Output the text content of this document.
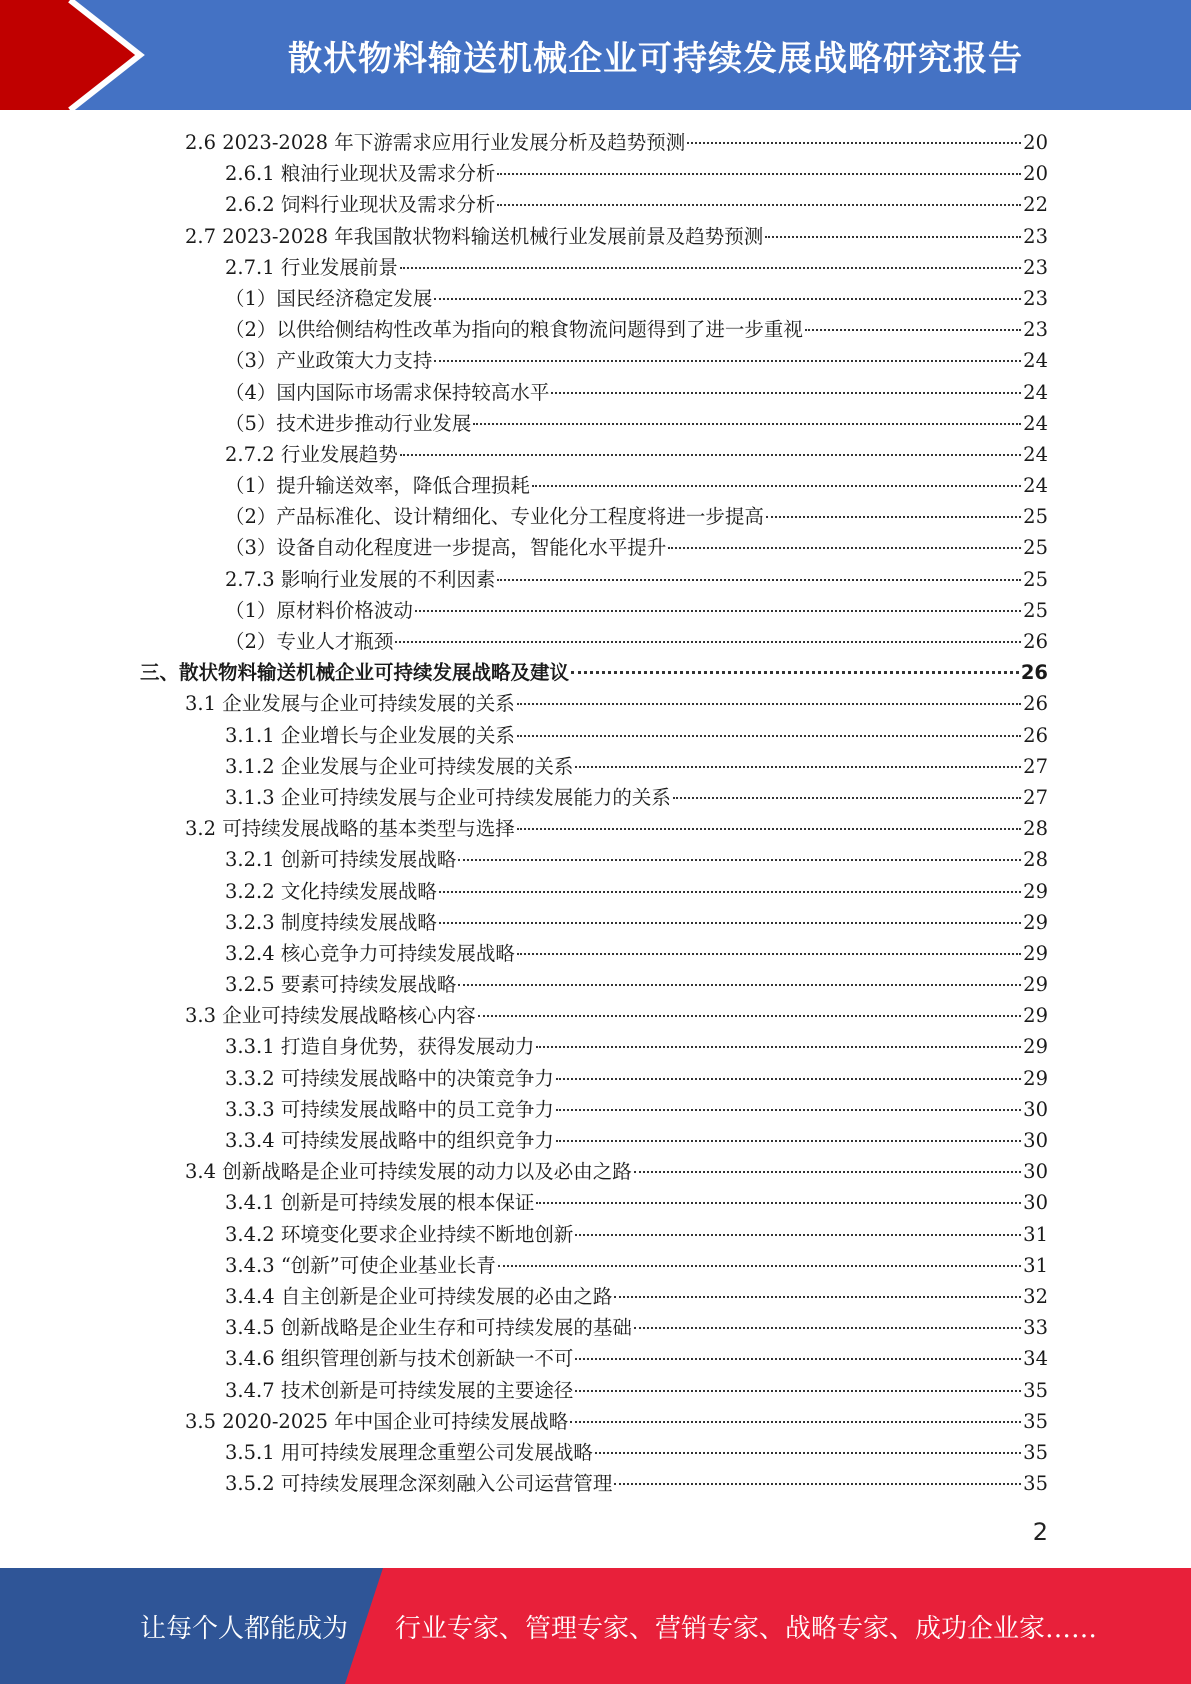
散状物料输送机械企业可持续发展战略研究报告
2.6 2023-2028 年下游需求应用行业发展分析及趋势预测	20
2.6.1 粮油行业现状及需求分析	20
2.6.2 饲料行业现状及需求分析	22
2.7 2023-2028 年我国散状物料输送机械行业发展前景及趋势预测	23
2.7.1 行业发展前景	23
（1）国民经济稳定发展	23
（2）以供给侧结构性改革为指向的粮食物流问题得到了进一步重视	23
（3）产业政策大力支持	24
（4）国内国际市场需求保持较高水平	24
（5）技术进步推动行业发展	24
2.7.2 行业发展趋势	24
（1）提升输送效率，降低合理损耗	24
（2）产品标准化、设计精细化、专业化分工程度将进一步提高	25
（3）设备自动化程度进一步提高，智能化水平提升	25
2.7.3 影响行业发展的不利因素	25
（1）原材料价格波动	25
（2）专业人才瓶颈	26
三、散状物料输送机械企业可持续发展战略及建议	26
3.1 企业发展与企业可持续发展的关系	26
3.1.1 企业增长与企业发展的关系	26
3.1.2 企业发展与企业可持续发展的关系	27
3.1.3 企业可持续发展与企业可持续发展能力的关系	27
3.2 可持续发展战略的基本类型与选择	28
3.2.1 创新可持续发展战略	28
3.2.2 文化持续发展战略	29
3.2.3 制度持续发展战略	29
3.2.4 核心竞争力可持续发展战略	29
3.2.5 要素可持续发展战略	29
3.3 企业可持续发展战略核心内容	29
3.3.1 打造自身优势，获得发展动力	29
3.3.2 可持续发展战略中的决策竞争力	29
3.3.3 可持续发展战略中的员工竞争力	30
3.3.4 可持续发展战略中的组织竞争力	30
3.4 创新战略是企业可持续发展的动力以及必由之路	30
3.4.1 创新是可持续发展的根本保证	30
3.4.2 环境变化要求企业持续不断地创新	31
3.4.3 “创新”可使企业基业长青	31
3.4.4 自主创新是企业可持续发展的必由之路	32
3.4.5 创新战略是企业生存和可持续发展的基础	33
3.4.6 组织管理创新与技术创新缺一不可	34
3.4.7 技术创新是可持续发展的主要途径	35
3.5 2020-2025 年中国企业可持续发展战略	35
3.5.1 用可持续发展理念重塑公司发展战略	35
3.5.2 可持续发展理念深刻融入公司运营管理	35
2
让每个人都能成为 行业专家、管理专家、营销专家、战略专家、成功企业家……
